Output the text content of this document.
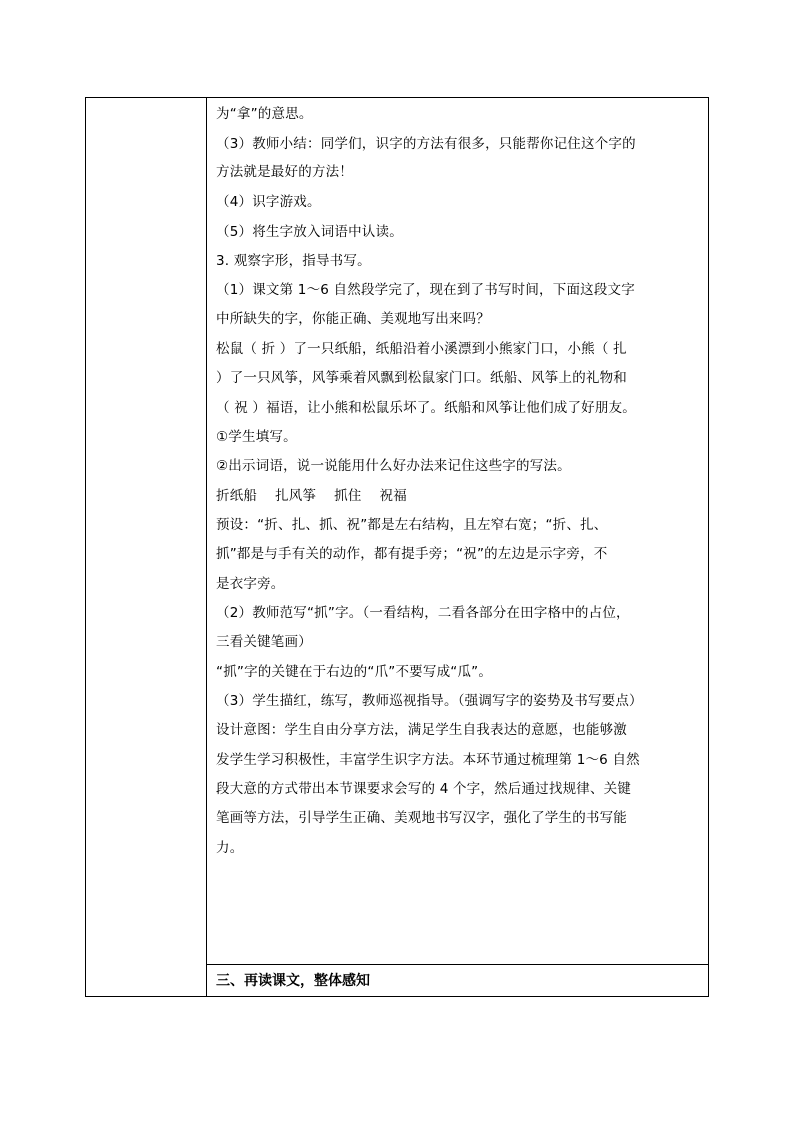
为“拿”的意思。
（3）教师小结：同学们，识字的方法有很多，只能帮你记住这个字的
方法就是最好的方法！
（4）识字游戏。
（5）将生字放入词语中认读。
3. 观察字形，指导书写。
（1）课文第 1～6 自然段学完了，现在到了书写时间，下面这段文字
中所缺失的字，你能正确、美观地写出来吗？
松鼠（ 折 ）了一只纸船，纸船沿着小溪漂到小熊家门口，小熊（ 扎
）了一只风筝，风筝乘着风飘到松鼠家门口。纸船、风筝上的礼物和
（ 祝 ）福语，让小熊和松鼠乐坏了。纸船和风筝让他们成了好朋友。
①学生填写。
②出示词语，说一说能用什么好办法来记住这些字的写法。
折纸船    扎风筝    抓住    祝福
预设：“折、扎、抓、祝”都是左右结构，且左窄右宽；“折、扎、
抓”都是与手有关的动作，都有提手旁；“祝”的左边是示字旁，不
是衣字旁。
（2）教师范写“抓”字。（一看结构，二看各部分在田字格中的占位，
三看关键笔画）
“抓”字的关键在于右边的“爪”不要写成“瓜”。
（3）学生描红，练写，教师巡视指导。（强调写字的姿势及书写要点）
设计意图：学生自由分享方法，满足学生自我表达的意愿，也能够激
发学生学习积极性，丰富学生识字方法。本环节通过梳理第 1～6 自然
段大意的方式带出本节课要求会写的 4 个字，然后通过找规律、关键
笔画等方法，引导学生正确、美观地书写汉字，强化了学生的书写能
力。
三、再读课文，整体感知
